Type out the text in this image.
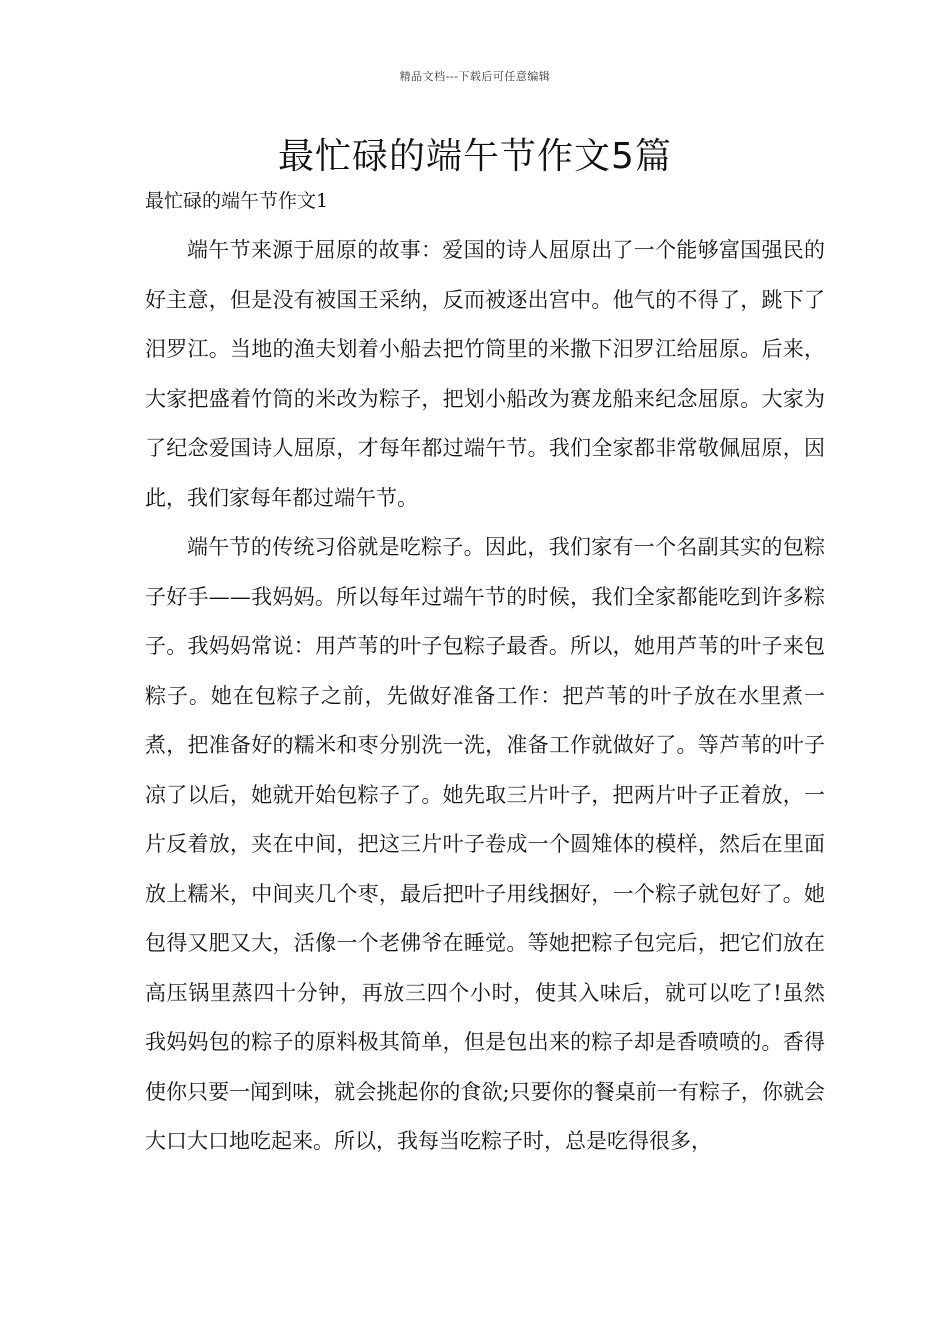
精品文档---下载后可任意编辑
最忙碌的端午节作文5篇
最忙碌的端午节作文1

端午节来源于屈原的故事：爱国的诗人屈原出了一个能够富国强民的好主意，但是没有被国王采纳，反而被逐出宫中。他气的不得了，跳下了汨罗江。当地的渔夫划着小船去把竹筒里的米撒下汨罗江给屈原。后来，大家把盛着竹筒的米改为粽子，把划小船改为赛龙船来纪念屈原。大家为了纪念爱国诗人屈原，才每年都过端午节。我们全家都非常敬佩屈原，因此，我们家每年都过端午节。

端午节的传统习俗就是吃粽子。因此，我们家有一个名副其实的包粽子好手——我妈妈。所以每年过端午节的时候，我们全家都能吃到许多粽子。我妈妈常说：用芦苇的叶子包粽子最香。所以，她用芦苇的叶子来包粽子。她在包粽子之前，先做好准备工作：把芦苇的叶子放在水里煮一煮，把准备好的糯米和枣分别洗一洗，准备工作就做好了。等芦苇的叶子凉了以后，她就开始包粽子了。她先取三片叶子，把两片叶子正着放，一片反着放，夹在中间，把这三片叶子卷成一个圆雉体的模样，然后在里面放上糯米，中间夹几个枣，最后把叶子用线捆好，一个粽子就包好了。她包得又肥又大，活像一个老佛爷在睡觉。等她把粽子包完后，把它们放在高压锅里蒸四十分钟，再放三四个小时，使其入味后，就可以吃了!虽然我妈妈包的粽子的原料极其简单，但是包出来的粽子却是香喷喷的。香得使你只要一闻到味，就会挑起你的食欲;只要你的餐桌前一有粽子，你就会大口大口地吃起来。所以，我每当吃粽子时，总是吃得很多，
